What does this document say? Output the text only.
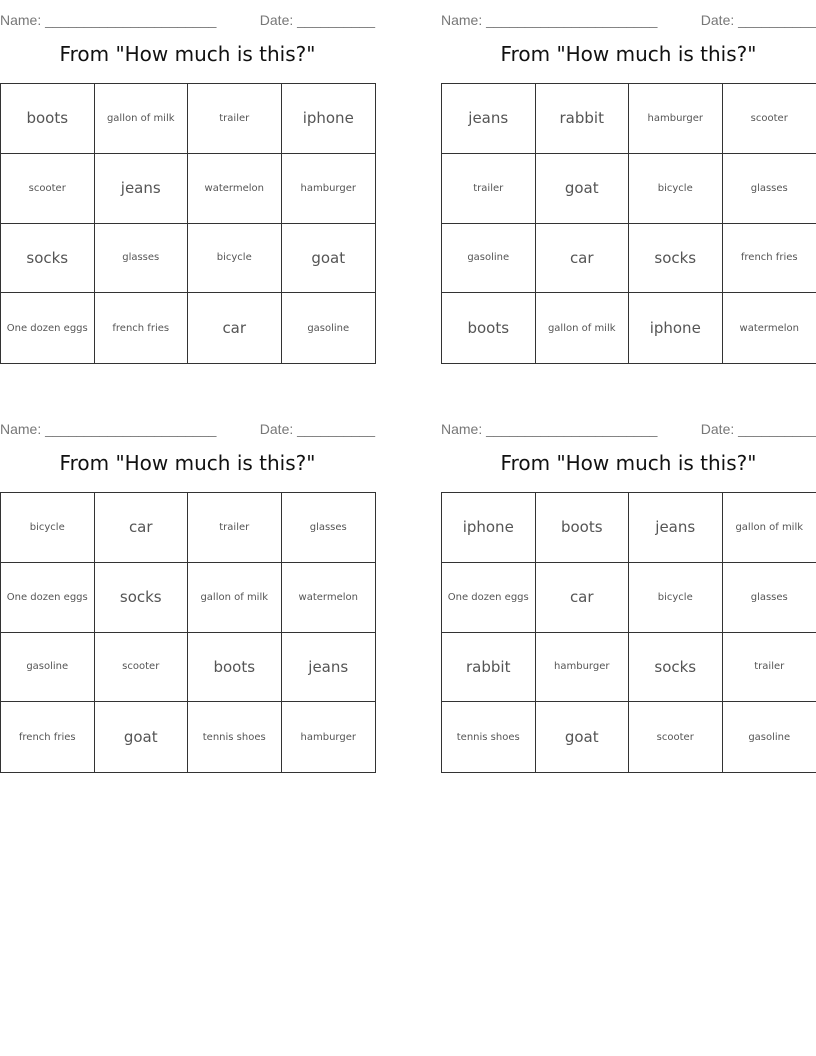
Name: ______________________	Date: __________
From "How much is this?"
boots	gallon of milk	trailer	iphone
scooter	jeans	watermelon	hamburger
socks	glasses	bicycle	goat
One dozen eggs	french fries	car	gasoline
Name: ______________________	Date: __________
From "How much is this?"
jeans	rabbit	hamburger	scooter
trailer	goat	bicycle	glasses
gasoline	car	socks	french fries
boots	gallon of milk	iphone	watermelon
Name: ______________________	Date: __________
From "How much is this?"
bicycle	car	trailer	glasses
One dozen eggs	socks	gallon of milk	watermelon
gasoline	scooter	boots	jeans
french fries	goat	tennis shoes	hamburger
Name: ______________________	Date: __________
From "How much is this?"
iphone	boots	jeans	gallon of milk
One dozen eggs	car	bicycle	glasses
rabbit	hamburger	socks	trailer
tennis shoes	goat	scooter	gasoline
